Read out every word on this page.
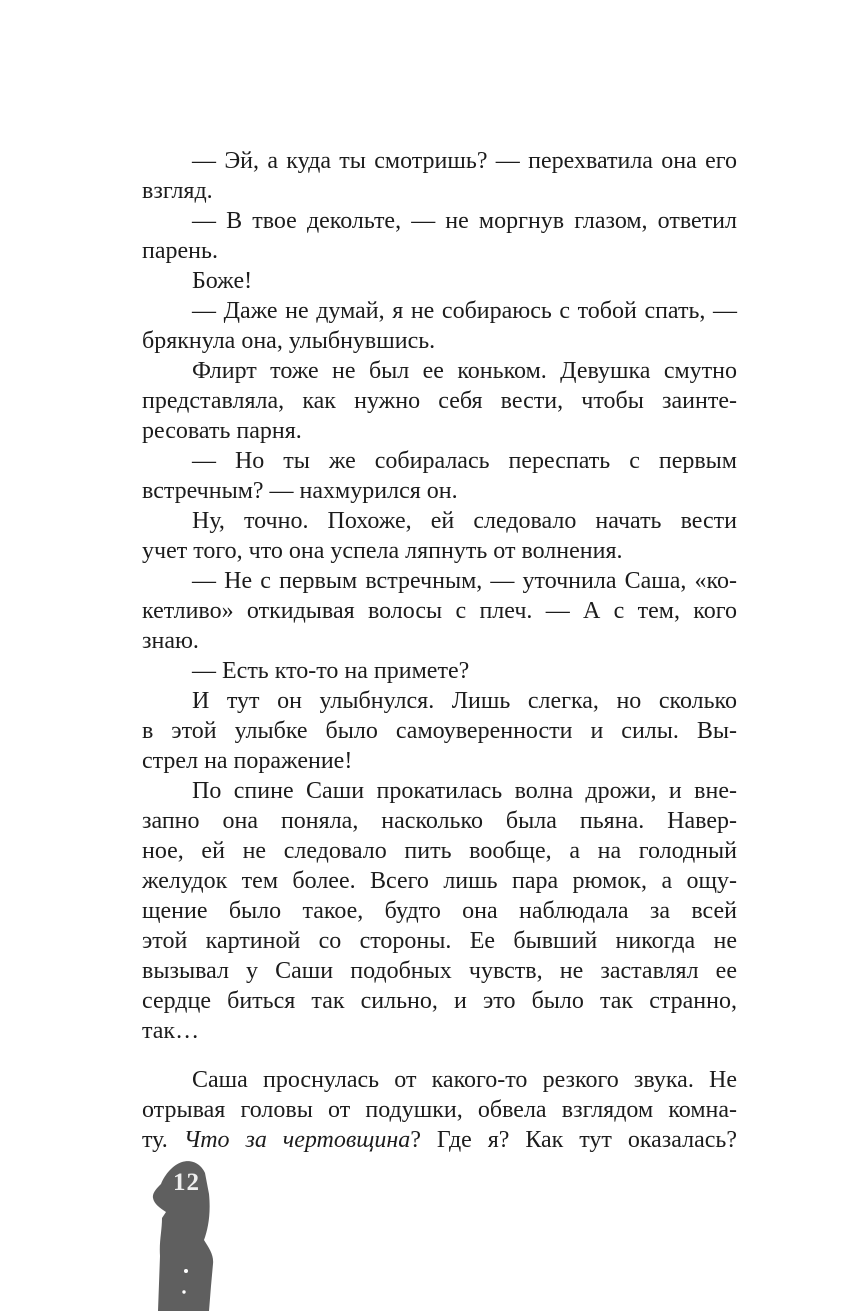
— Эй, а куда ты смотришь? — перехватила она его
взгляд.
— В твое декольте, — не моргнув глазом, ответил
парень.
Боже!
— Даже не думай, я не собираюсь с тобой спать, —
брякнула она, улыбнувшись.
Флирт тоже не был ее коньком. Девушка смутно
представляла, как нужно себя вести, чтобы заинте-
ресовать парня.
— Но ты же собиралась переспать с первым
встречным? — нахмурился он.
Ну, точно. Похоже, ей следовало начать вести
учет того, что она успела ляпнуть от волнения.
— Не с первым встречным, — уточнила Саша, «ко-
кетливо» откидывая волосы с плеч. — А с тем, кого
знаю.
— Есть кто-то на примете?
И тут он улыбнулся. Лишь слегка, но сколько
в этой улыбке было самоуверенности и силы. Вы-
стрел на поражение!
По спине Саши прокатилась волна дрожи, и вне-
запно она поняла, насколько была пьяна. Навер-
ное, ей не следовало пить вообще, а на голодный
желудок тем более. Всего лишь пара рюмок, а ощу-
щение было такое, будто она наблюдала за всей
этой картиной со стороны. Ее бывший никогда не
вызывал у Саши подобных чувств, не заставлял ее
сердце биться так сильно, и это было так странно,
так…
Саша проснулась от какого-то резкого звука. Не
отрывая головы от подушки, обвела взглядом комна-
ту. Что за чертовщина? Где я? Как тут оказалась?
12
